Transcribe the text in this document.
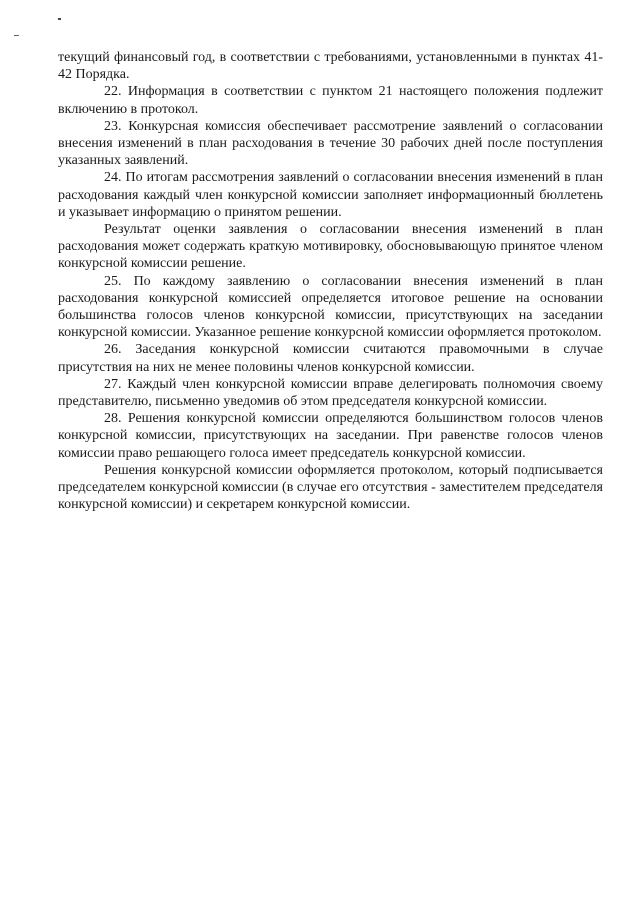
текущий финансовый год, в соответствии с требованиями, установленными в пунктах 41-42 Порядка.

22. Информация в соответствии с пунктом 21 настоящего положения подлежит включению в протокол.

23. Конкурсная комиссия обеспечивает рассмотрение заявлений о согласовании внесения изменений в план расходования в течение 30 рабочих дней после поступления указанных заявлений.

24. По итогам рассмотрения заявлений о согласовании внесения изменений в план расходования каждый член конкурсной комиссии заполняет информационный бюллетень и указывает информацию о принятом решении.

Результат оценки заявления о согласовании внесения изменений в план расходования может содержать краткую мотивировку, обосновывающую принятое членом конкурсной комиссии решение.

25. По каждому заявлению о согласовании внесения изменений в план расходования конкурсной комиссией определяется итоговое решение на основании большинства голосов членов конкурсной комиссии, присутствующих на заседании конкурсной комиссии. Указанное решение конкурсной комиссии оформляется протоколом.

26. Заседания конкурсной комиссии считаются правомочными в случае присутствия на них не менее половины членов конкурсной комиссии.

27. Каждый член конкурсной комиссии вправе делегировать полномочия своему представителю, письменно уведомив об этом председателя конкурсной комиссии.

28. Решения конкурсной комиссии определяются большинством голосов членов конкурсной комиссии, присутствующих на заседании. При равенстве голосов членов комиссии право решающего голоса имеет председатель конкурсной комиссии.

Решения конкурсной комиссии оформляется протоколом, который подписывается председателем конкурсной комиссии (в случае его отсутствия - заместителем председателя конкурсной комиссии) и секретарем конкурсной комиссии.
